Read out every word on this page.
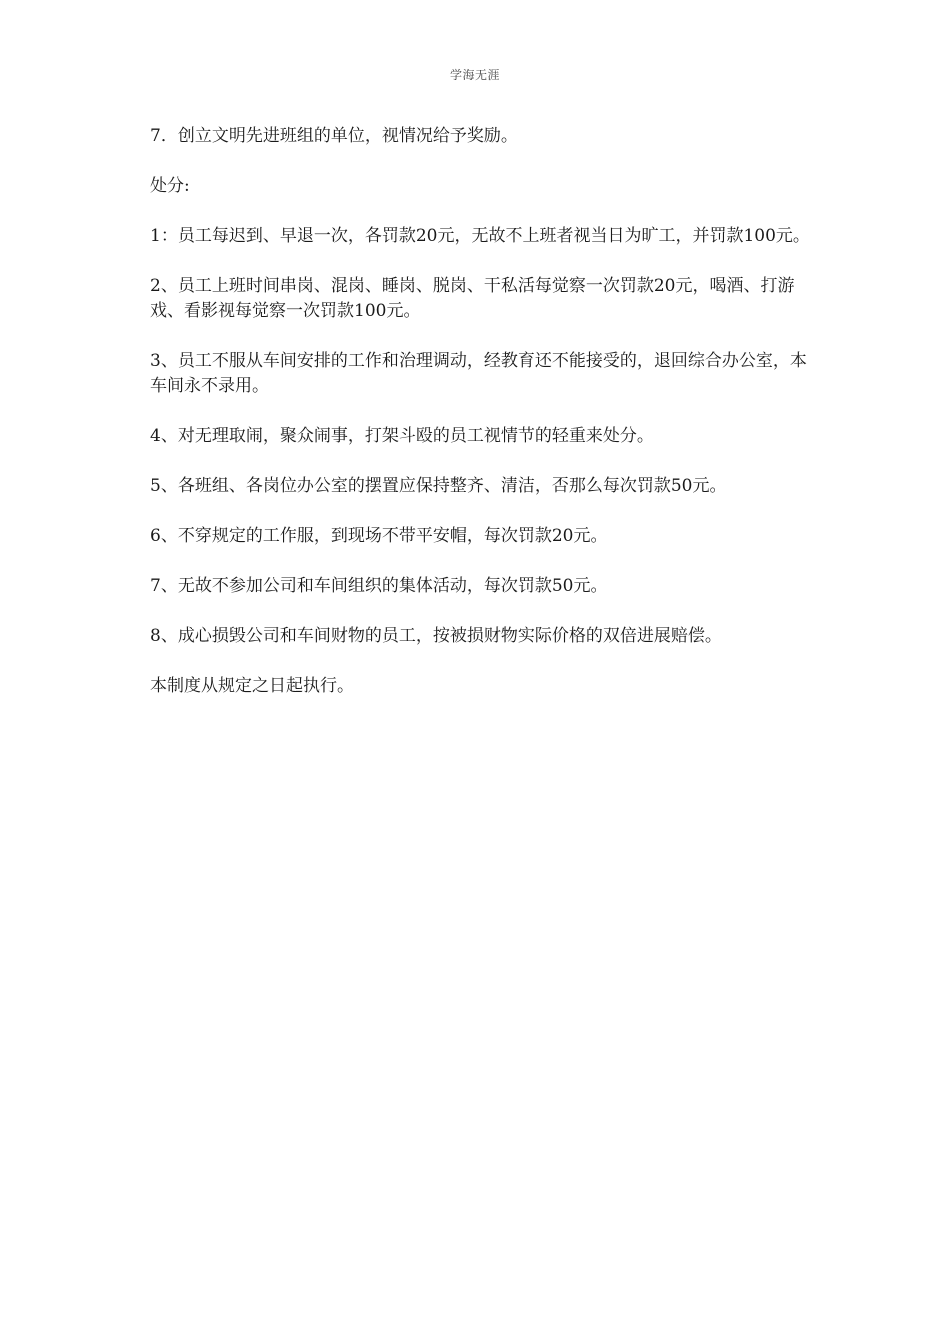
学海无涯

7．创立文明先进班组的单位，视情况给予奖励。

处分:

1：员工每迟到、早退一次，各罚款20元，无故不上班者视当日为旷工，并罚款100元。

2、员工上班时间串岗、混岗、睡岗、脱岗、干私活每觉察一次罚款20元，喝酒、打游戏、看影视每觉察一次罚款100元。

3、员工不服从车间安排的工作和治理调动，经教育还不能接受的，退回综合办公室，本车间永不录用。

4、对无理取闹，聚众闹事，打架斗殴的员工视情节的轻重来处分。

5、各班组、各岗位办公室的摆置应保持整齐、清洁，否那么每次罚款50元。

6、不穿规定的工作服，到现场不带平安帽，每次罚款20元。

7、无故不参加公司和车间组织的集体活动，每次罚款50元。

8、成心损毁公司和车间财物的员工，按被损财物实际价格的双倍进展赔偿。

本制度从规定之日起执行。
